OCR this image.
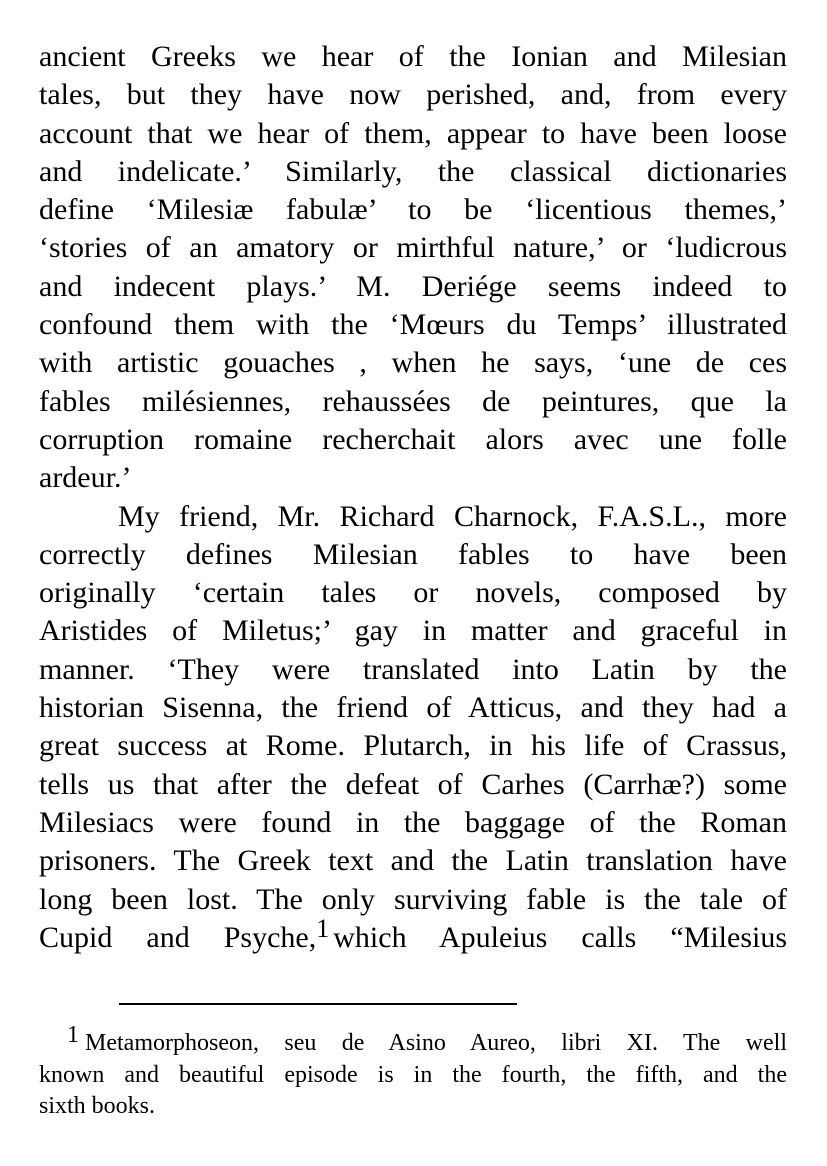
ancient Greeks we hear of the Ionian and Milesian

tales, but they have now perished, and, from every

account that we hear of them, appear to have been loose

and indelicate.’ Similarly, the classical dictionaries

define ‘Milesiæ fabulæ’ to be ‘licentious themes,’

‘stories of an amatory or mirthful nature,’ or ‘ludicrous

and indecent plays.’ M. Deriége seems indeed to

confound them with the ‘Mœurs du Temps’ illustrated

with artistic gouaches , when he says, ‘une de ces

fables milésiennes, rehaussées de peintures, que la

corruption romaine recherchait alors avec une folle

ardeur.’

My friend, Mr. Richard Charnock, F.A.S.L., more

correctly defines Milesian fables to have been

originally ‘certain tales or novels, composed by

Aristides of Miletus;’ gay in matter and graceful in

manner. ‘They were translated into Latin by the

historian Sisenna, the friend of Atticus, and they had a

great success at Rome. Plutarch, in his life of Crassus,

tells us that after the defeat of Carhes (Carrhæ?) some

Milesiacs were found in the baggage of the Roman

prisoners. The Greek text and the Latin translation have

long been lost. The only surviving fable is the tale of

Cupid and Psyche,1 which Apuleius calls “Milesius

1 Metamorphoseon, seu de Asino Aureo, libri XI. The well

known and beautiful episode is in the fourth, the fifth, and the

sixth books.
